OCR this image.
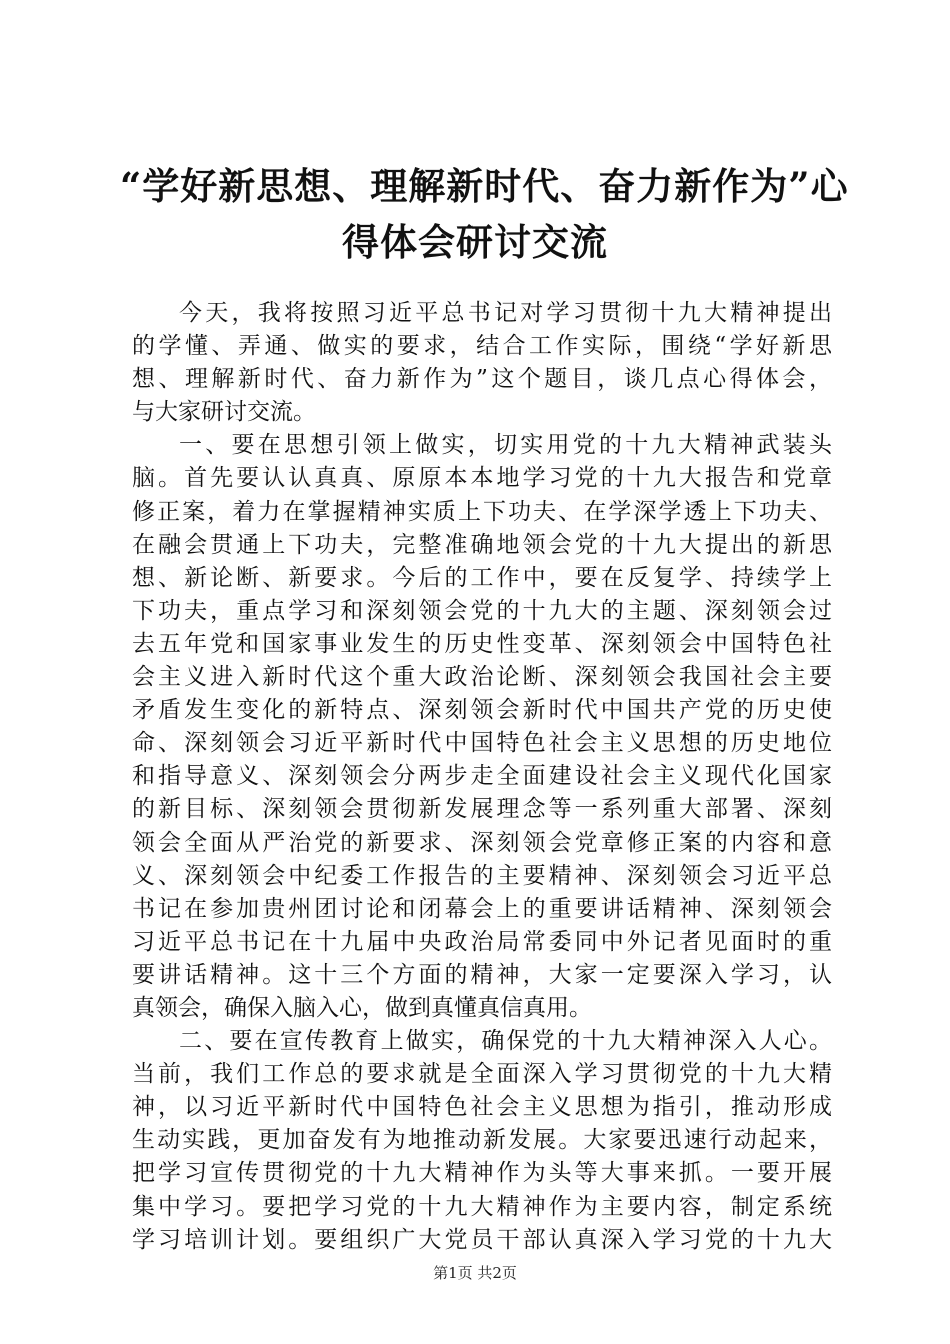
“学好新思想、理解新时代、奋力新作为”心
得体会研讨交流
今天，我将按照习近平总书记对学习贯彻十九大精神提出
的学懂、弄通、做实的要求，结合工作实际，围绕“学好新思
想、理解新时代、奋力新作为”这个题目，谈几点心得体会，
与大家研讨交流。
一、要在思想引领上做实，切实用党的十九大精神武装头
脑。首先要认认真真、原原本本地学习党的十九大报告和党章
修正案，着力在掌握精神实质上下功夫、在学深学透上下功夫、
在融会贯通上下功夫，完整准确地领会党的十九大提出的新思
想、新论断、新要求。今后的工作中，要在反复学、持续学上
下功夫，重点学习和深刻领会党的十九大的主题、深刻领会过
去五年党和国家事业发生的历史性变革、深刻领会中国特色社
会主义进入新时代这个重大政治论断、深刻领会我国社会主要
矛盾发生变化的新特点、深刻领会新时代中国共产党的历史使
命、深刻领会习近平新时代中国特色社会主义思想的历史地位
和指导意义、深刻领会分两步走全面建设社会主义现代化国家
的新目标、深刻领会贯彻新发展理念等一系列重大部署、深刻
领会全面从严治党的新要求、深刻领会党章修正案的内容和意
义、深刻领会中纪委工作报告的主要精神、深刻领会习近平总
书记在参加贵州团讨论和闭幕会上的重要讲话精神、深刻领会
习近平总书记在十九届中央政治局常委同中外记者见面时的重
要讲话精神。这十三个方面的精神，大家一定要深入学习，认
真领会，确保入脑入心，做到真懂真信真用。
二、要在宣传教育上做实，确保党的十九大精神深入人心。
当前，我们工作总的要求就是全面深入学习贯彻党的十九大精
神，以习近平新时代中国特色社会主义思想为指引，推动形成
生动实践，更加奋发有为地推动新发展。大家要迅速行动起来，
把学习宣传贯彻党的十九大精神作为头等大事来抓。一要开展
集中学习。要把学习党的十九大精神作为主要内容，制定系统
学习培训计划。要组织广大党员干部认真深入学习党的十九大
第1页 共2页
